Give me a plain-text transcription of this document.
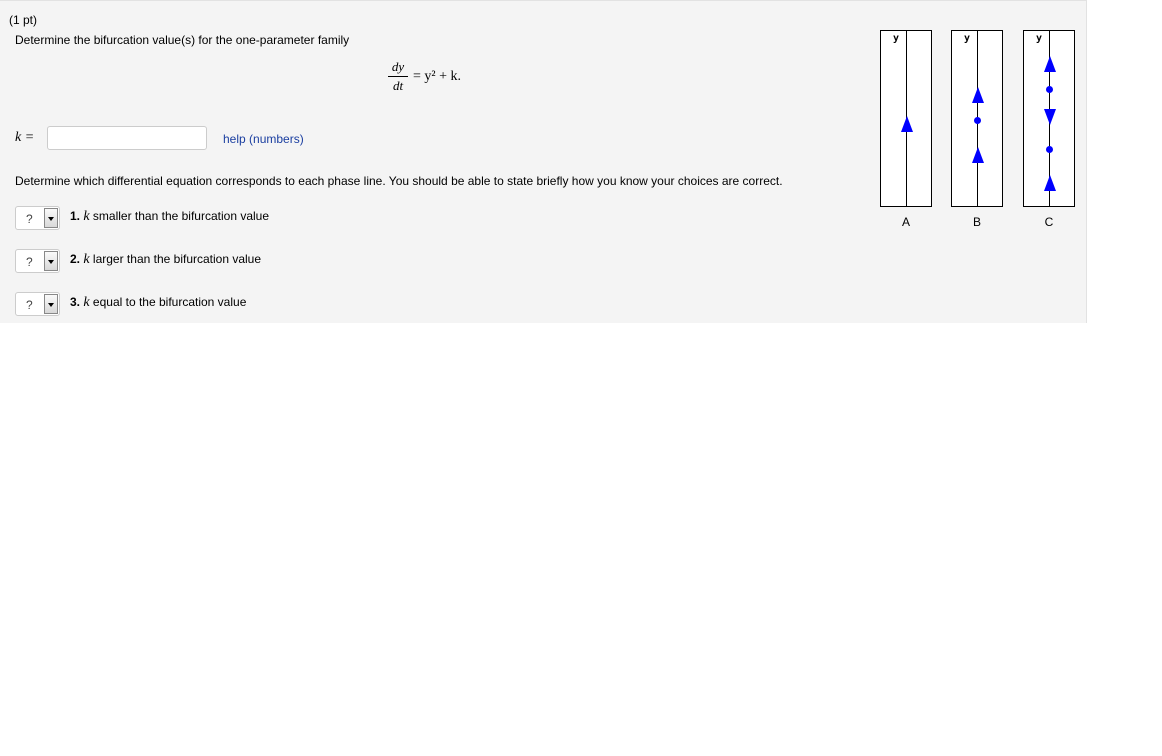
(1 pt)
Determine the bifurcation value(s) for the one-parameter family
dy
dt
= y² + k.
k =	help (numbers)
Determine which differential equation corresponds to each phase line. You should be able to state briefly how you know your choices are correct.
?	1. k smaller than the bifurcation value
?	2. k larger than the bifurcation value
?	3. k equal to the bifurcation value
y
A
y
B
y
C
